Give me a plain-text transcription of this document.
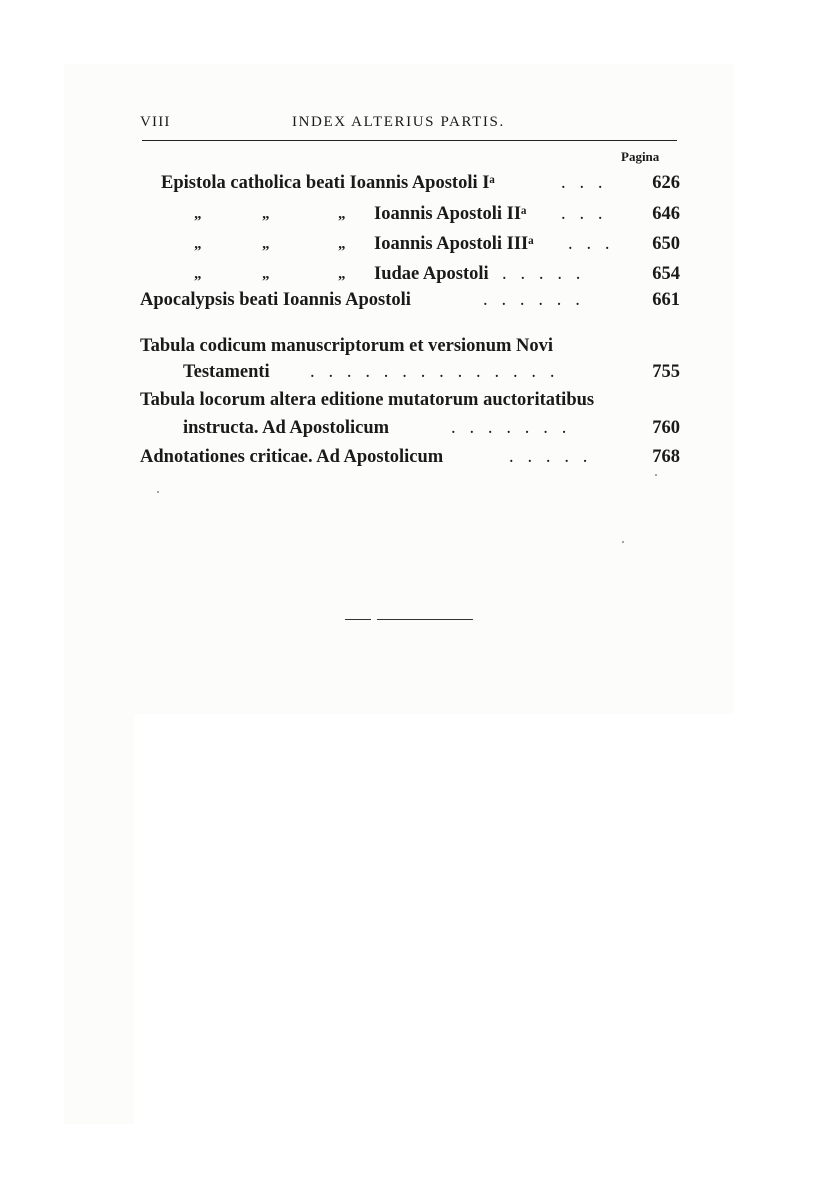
VIII	INDEX ALTERIUS PARTIS.
Pagina
Epistola catholica beati Ioannis Apostoli Iᵃ	. . . 626
„	„	„ Ioannis Apostoli IIᵃ . . . 646
„	„	„ Ioannis Apostoli IIIᵃ . . . 650
„	„	„ Iudae Apostoli . . . . .	654
Apocalypsis beati Ioannis Apostoli	. . . . . .	661
Tabula codicum manuscriptorum et versionum Novi
Testamenti . . . . . . . . . . . . . .	755
Tabula locorum altera editione mutatorum auctoritatibus
instructa. Ad Apostolicum	. . . . . . .	760
Adnotationes criticae. Ad Apostolicum	. . . . .	768
